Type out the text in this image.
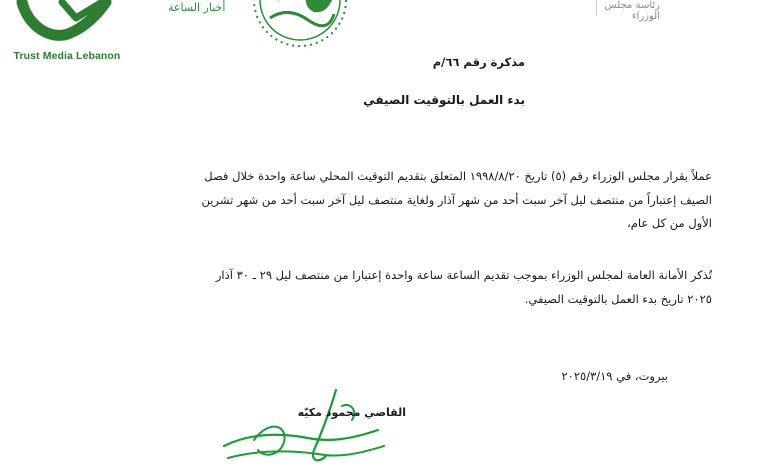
Trust Media Lebanon
أخبار الساعة	رئاسة مجلس الوزراء
مذكرة رقم ٦٦/م
بدء العمل بالتوقيت الصيفي
عملاً بقرار مجلس الوزراء رقم (٥) تاريخ ١٩٩٨/٨/٢٠ المتعلق بتقديم التوقيت المحلي ساعة واحدة خلال فصل الصيف إعتباراً من منتصف ليل آخر سبت أحد من شهر آذار ولغاية منتصف ليل آخر سبت أحد من شهر تشرين الأول من كل عام،
تُذكر الأمانة العامة لمجلس الوزراء بموجب تقديم الساعة ساعة واحدة إعتبارا من منتصف ليل ٢٩ ـ ٣٠ آذار ٢٠٢٥ تاريخ بدء العمل بالتوقيت الصيفي.
بيروت، في ٢٠٢٥/٣/١٩
القاضي محمود مكيّه
